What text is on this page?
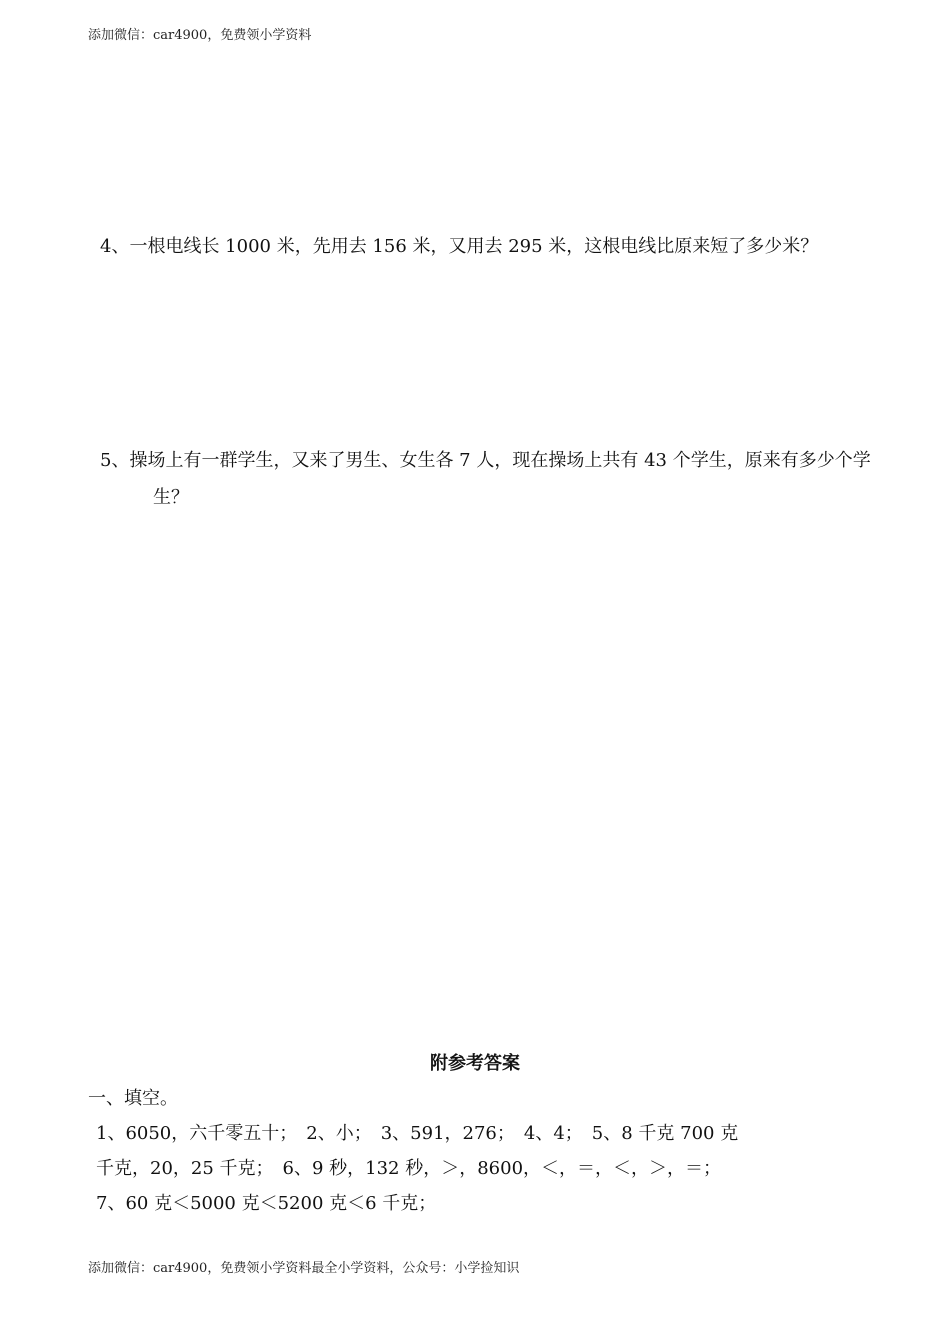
添加微信：car4900，免费领小学资料
4、一根电线长 1000 米，先用去 156 米，又用去 295 米，这根电线比原来短了多少米？
5、操场上有一群学生，又来了男生、女生各 7 人，现在操场上共有 43 个学生，原来有多少个学
生？
附参考答案
一、填空。
1、6050，六千零五十；　2、小；　3、591，276；　4、4；　5、8 千克 700 克
千克，20，25 千克；　6、9 秒，132 秒，＞，8600，＜，＝，＜，＞，＝；
7、60 克＜5000 克＜5200 克＜6 千克；
添加微信：car4900，免费领小学资料最全小学资料，公众号：小学捡知识
